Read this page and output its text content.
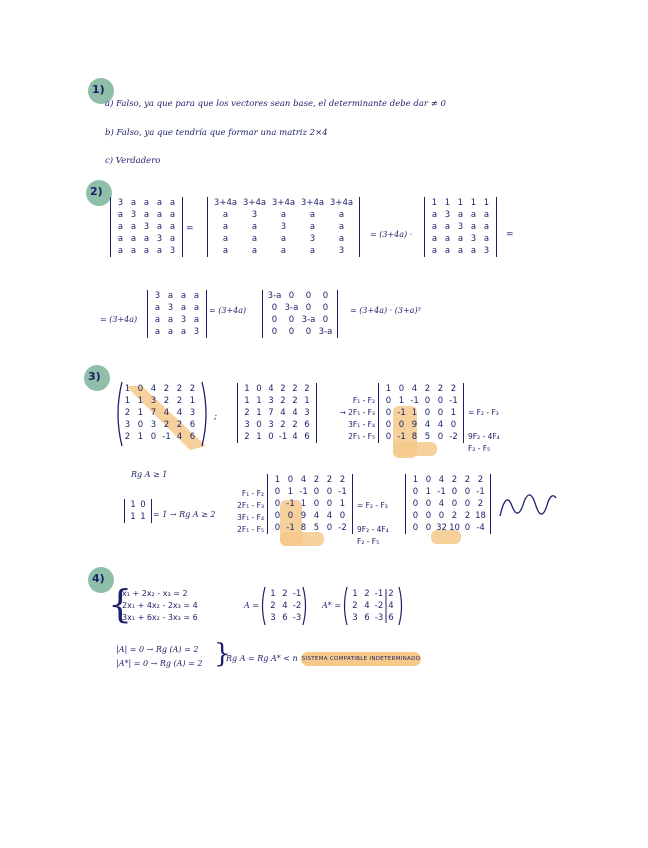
1)
a) Falso, ya que para que los vectores sean base, el determinante debe dar ≠ 0
b) Falso, ya que tendría que formar una matriz 2×4
c) Verdadero
2)
3 a a a a
a 3 a a a
a a 3 a a
a a a 3 a
a a a a 3
=
3+4a 3+4a 3+4a 3+4a 3+4a
a	3	a	a	a
a	a	3	a	a
a	a	a	3	a
a	a	a	a	3
= (3+4a) ·
1 1 1 1 1
a 3 a a a
a a 3 a a
a a a 3 a
a a a a 3
=
= (3+4a)
3 a a a
a 3 a a
a a 3 a
a a a 3
= (3+4a)
3-a 0	0	0
0 3-a 0	0
0	0 3-a 0
0	0	0 3-a
= (3+4a) · (3+a)³
3)
1 0 4 2 2 2
1 1 3 2 2 1
2 1 7 4 4 3
3 0 3 2 2 6
2 1 0 -1 4 6
;
1 0 4 2 2 2
1 1 3 2 2 1
2 1 7 4 4 3
3 0 3 2 2 6
2 1 0 -1 4 6
F₁ - F₂
→ 2F₁ - F₃
3F₁ - F₄
2F₁ - F₅
1 0 4 2 2 2
0 1 -1 0 0 -1
0 -1 1 0 0 1
0 0 9 4 4 0
0 -1 8 5 0 -2
= F₂ - F₃
9F₂ - 4F₄
F₂ - F₅
Rg A ≥ 1
1 0
1 1 = 1 → Rg A ≥ 2
F₁ - F₂
2F₁ - F₃
3F₁ - F₄
2F₁ - F₅
1 0 4 2 2 2
0 1 -1 0 0 -1
0 -1 1 0 0 1
0 0 9 4 4 0
0 -1 8 5 0 -2
= F₂ - F₃
9F₂ - 4F₄
F₂ - F₅
1 0 4 2 2 2
0 1 -1 0 0 -1
0 0 4 0 0 2
0 0 0 2 2 18
0 0 32 10 0 -4
4)
{
x₁ + 2x₂ - x₃ = 2
2x₁ + 4x₂ - 2x₃ = 4
3x₁ + 6x₂ - 3x₃ = 6
A =
1 2 -1
2 4 -2
3 6 -3
A* =
1 2 -1 2
2 4 -2 4
3 6 -3 6
|A| = 0 → Rg (A) = 2
|A*| = 0 → Rg (A) = 2 }
Rg A = Rg A* < n SISTEMA COMPATIBLE INDETERMINADO
